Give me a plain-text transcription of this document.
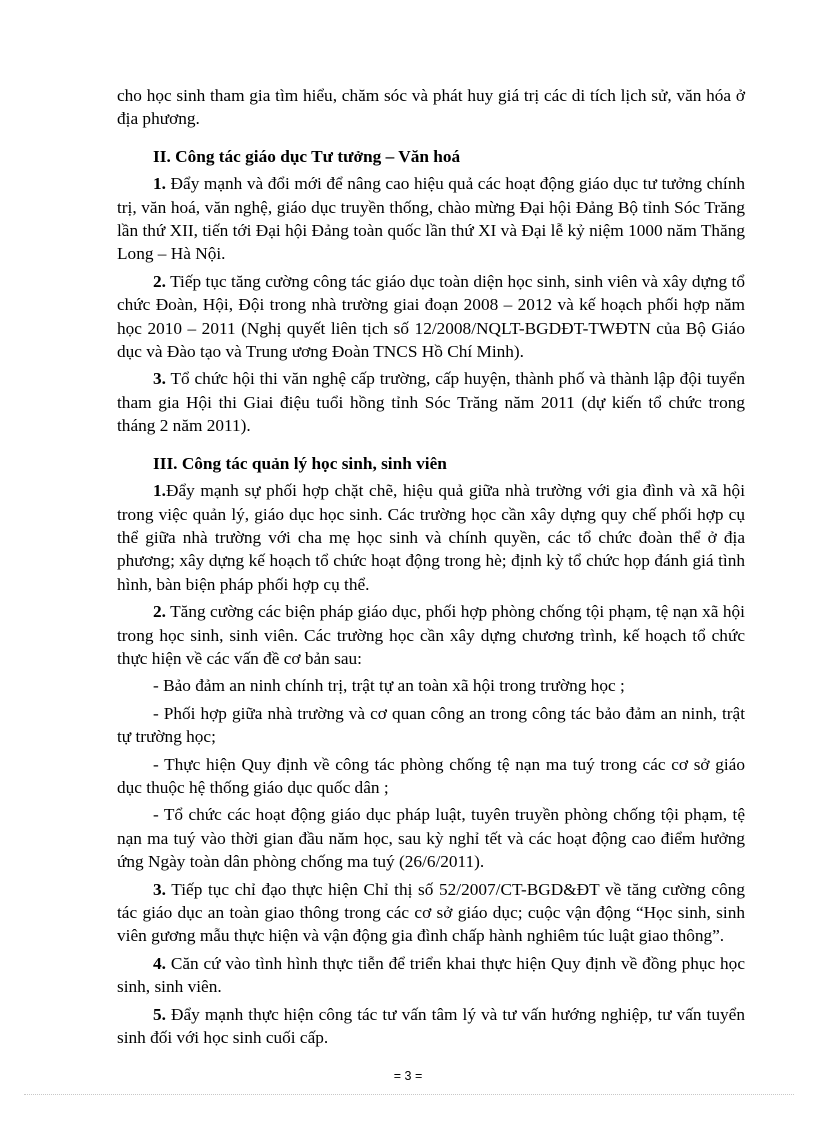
cho học sinh tham gia tìm hiểu, chăm sóc và phát huy giá trị các di tích lịch sử, văn hóa ở địa phương.

II. Công tác giáo dục Tư tưởng – Văn hoá

1. Đẩy mạnh và đổi mới để nâng cao hiệu quả các hoạt động giáo dục tư tưởng chính trị, văn hoá, văn nghệ, giáo dục truyền thống, chào mừng Đại hội Đảng Bộ tỉnh Sóc Trăng lần thứ XII, tiến tới Đại hội Đảng toàn quốc lần thứ XI và Đại lễ kỷ niệm 1000 năm Thăng Long – Hà Nội.

2. Tiếp tục tăng cường công tác giáo dục toàn diện học sinh, sinh viên và xây dựng tổ chức Đoàn, Hội, Đội trong nhà trường giai đoạn 2008 – 2012 và kế hoạch phối hợp năm học 2010 – 2011 (Nghị quyết liên tịch số 12/2008/NQLT-BGDĐT-TWĐTN của Bộ Giáo dục và Đào tạo và Trung ương Đoàn TNCS Hồ Chí Minh).

3. Tổ chức hội thi văn nghệ cấp trường, cấp huyện, thành phố và thành lập đội tuyển tham gia Hội thi Giai điệu tuổi hồng tỉnh Sóc Trăng năm 2011 (dự kiến tổ chức trong tháng 2 năm 2011).

III. Công tác quản lý học sinh, sinh viên

1.Đẩy mạnh sự phối hợp chặt chẽ, hiệu quả giữa nhà trường với gia đình và xã hội trong việc quản lý, giáo dục học sinh. Các trường học cần xây dựng quy chế phối hợp cụ thể giữa nhà trường với cha mẹ học sinh và chính quyền, các tổ chức đoàn thể ở địa phương; xây dựng kế hoạch tổ chức hoạt động trong hè; định kỳ tổ chức họp đánh giá tình hình, bàn biện pháp phối hợp cụ thể.

2. Tăng cường các biện pháp giáo dục, phối hợp phòng chống tội phạm, tệ nạn xã hội trong học sinh, sinh viên. Các trường học cần xây dựng chương trình, kế hoạch tổ chức thực hiện về các vấn đề cơ bản sau:

- Bảo đảm an ninh chính trị, trật tự an toàn xã hội trong trường học ;

- Phối hợp giữa nhà trường và cơ quan công an trong công tác bảo đảm an ninh, trật tự trường học;

- Thực hiện Quy định về công tác phòng chống tệ nạn ma tuý trong các cơ sở giáo dục thuộc hệ thống giáo dục quốc dân ;

- Tổ chức các hoạt động giáo dục pháp luật, tuyên truyền phòng chống tội phạm, tệ nạn ma tuý vào thời gian đầu năm học, sau kỳ nghỉ tết và các hoạt động cao điểm hưởng ứng Ngày toàn dân phòng chống ma tuý (26/6/2011).

3. Tiếp tục chỉ đạo thực hiện Chỉ thị số 52/2007/CT-BGD&ĐT về tăng cường công tác giáo dục an toàn giao thông trong các cơ sở giáo dục; cuộc vận động “Học sinh, sinh viên gương mẫu thực hiện và vận động gia đình chấp hành nghiêm túc luật giao thông”.

4. Căn cứ vào tình hình thực tiễn để triển khai thực hiện Quy định về đồng phục học sinh, sinh viên.

5. Đẩy mạnh thực hiện công tác tư vấn tâm lý và tư vấn hướng nghiệp, tư vấn tuyển sinh đối với học sinh cuối cấp.

= 3 =
